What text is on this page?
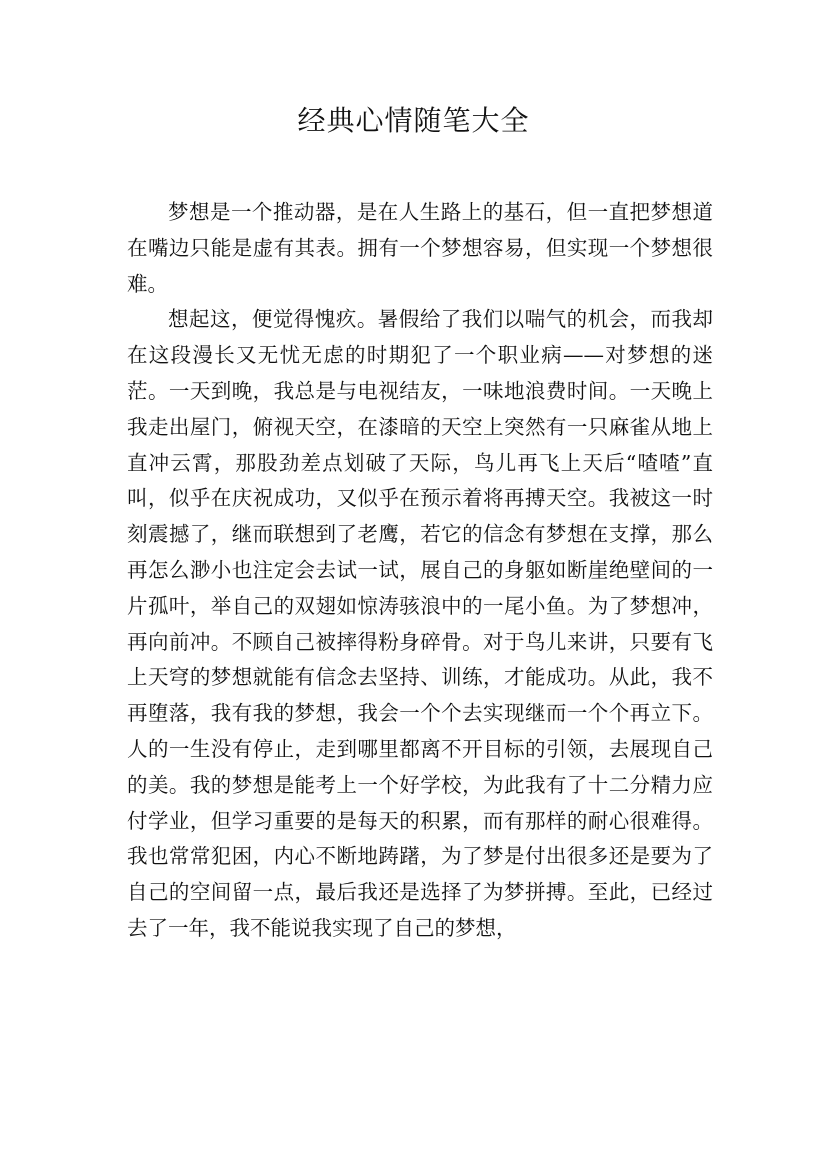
经典心情随笔大全

梦想是一个推动器，是在人生路上的基石，但一直把梦想道在嘴边只能是虚有其表。拥有一个梦想容易，但实现一个梦想很难。

想起这，便觉得愧疚。暑假给了我们以喘气的机会，而我却在这段漫长又无忧无虑的时期犯了一个职业病——对梦想的迷茫。一天到晚，我总是与电视结友，一味地浪费时间。一天晚上我走出屋门，俯视天空，在漆暗的天空上突然有一只麻雀从地上直冲云霄，那股劲差点划破了天际，鸟儿再飞上天后“喳喳”直叫，似乎在庆祝成功，又似乎在预示着将再搏天空。我被这一时刻震撼了，继而联想到了老鹰，若它的信念有梦想在支撑，那么再怎么渺小也注定会去试一试，展自己的身躯如断崖绝壁间的一片孤叶，举自己的双翅如惊涛骇浪中的一尾小鱼。为了梦想冲，再向前冲。不顾自己被摔得粉身碎骨。对于鸟儿来讲，只要有飞上天穹的梦想就能有信念去坚持、训练，才能成功。从此，我不再堕落，我有我的梦想，我会一个个去实现继而一个个再立下。人的一生没有停止，走到哪里都离不开目标的引领，去展现自己的美。我的梦想是能考上一个好学校，为此我有了十二分精力应付学业，但学习重要的是每天的积累，而有那样的耐心很难得。我也常常犯困，内心不断地踌躇，为了梦是付出很多还是要为了自己的空间留一点，最后我还是选择了为梦拼搏。至此，已经过去了一年，我不能说我实现了自己的梦想，
